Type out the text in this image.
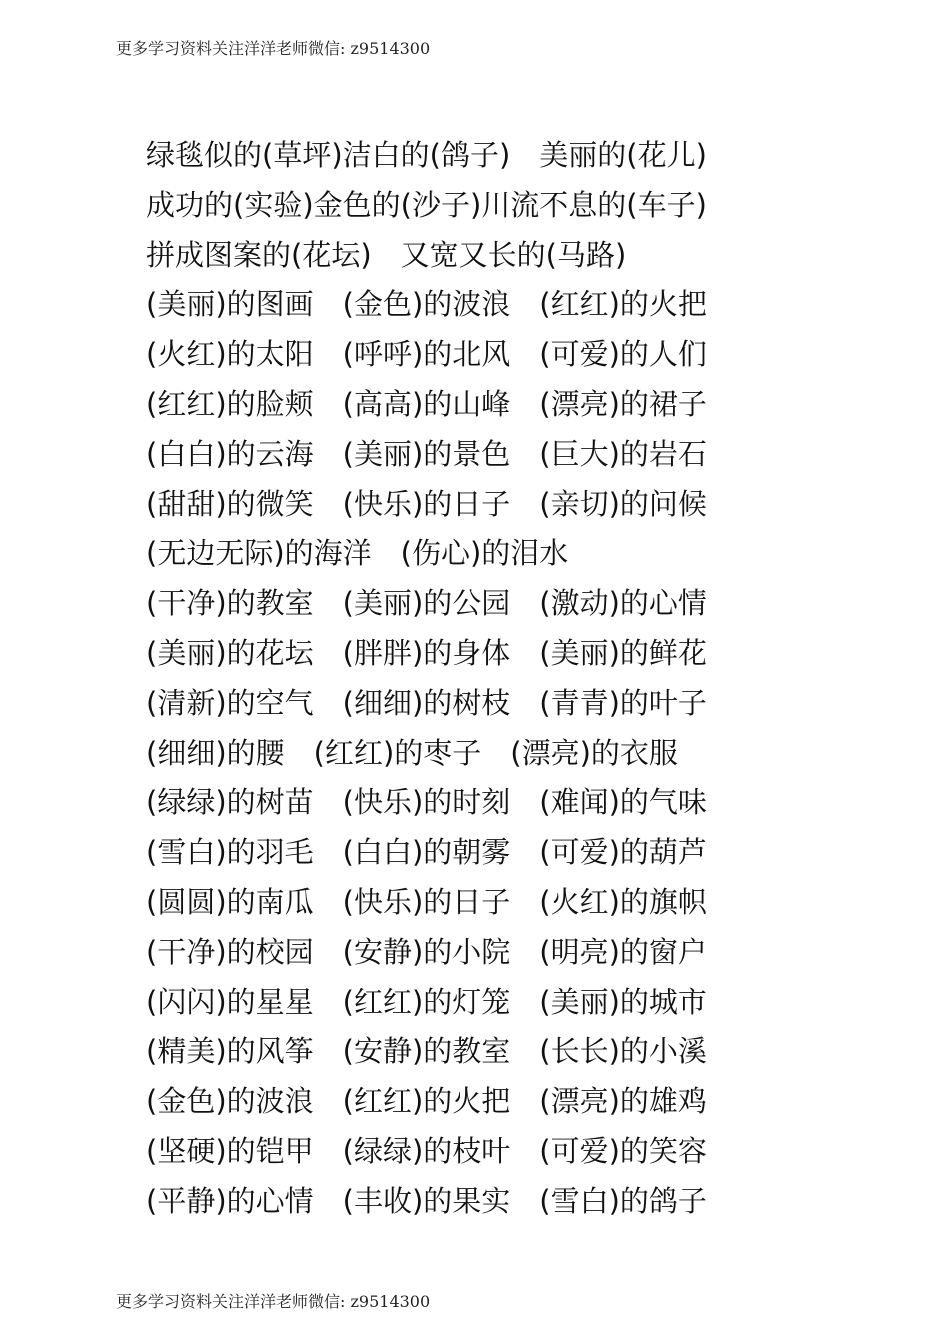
更多学习资料关注洋洋老师微信: z9514300
绿毯似的(草坪)洁白的(鸽子)　美丽的(花儿)
成功的(实验)金色的(沙子)川流不息的(车子)
拼成图案的(花坛)　又宽又长的(马路)
(美丽)的图画　(金色)的波浪　(红红)的火把
(火红)的太阳　(呼呼)的北风　(可爱)的人们
(红红)的脸颊　(高高)的山峰　(漂亮)的裙子
(白白)的云海　(美丽)的景色　(巨大)的岩石
(甜甜)的微笑　(快乐)的日子　(亲切)的问候
(无边无际)的海洋　(伤心)的泪水
(干净)的教室　(美丽)的公园　(激动)的心情
(美丽)的花坛　(胖胖)的身体　(美丽)的鲜花
(清新)的空气　(细细)的树枝　(青青)的叶子
(细细)的腰　(红红)的枣子　(漂亮)的衣服
(绿绿)的树苗　(快乐)的时刻　(难闻)的气味
(雪白)的羽毛　(白白)的朝雾　(可爱)的葫芦
(圆圆)的南瓜　(快乐)的日子　(火红)的旗帜
(干净)的校园　(安静)的小院　(明亮)的窗户
(闪闪)的星星　(红红)的灯笼　(美丽)的城市
(精美)的风筝　(安静)的教室　(长长)的小溪
(金色)的波浪　(红红)的火把　(漂亮)的雄鸡
(坚硬)的铠甲　(绿绿)的枝叶　(可爱)的笑容
(平静)的心情　(丰收)的果实　(雪白)的鸽子
更多学习资料关注洋洋老师微信: z9514300
